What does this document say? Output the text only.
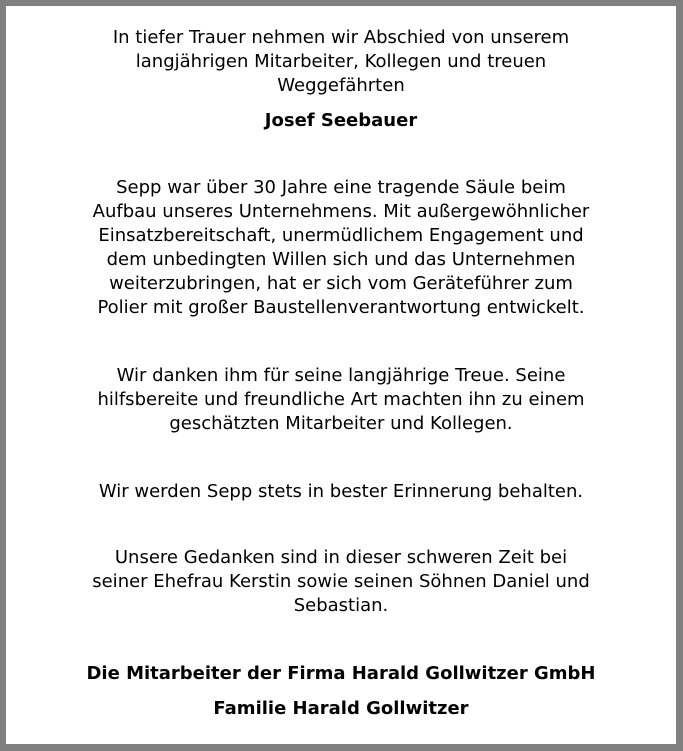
In tiefer Trauer nehmen wir Abschied von unserem
langjährigen Mitarbeiter, Kollegen und treuen
Weggefährten

Josef Seebauer

Sepp war über 30 Jahre eine tragende Säule beim
Aufbau unseres Unternehmens. Mit außergewöhnlicher
Einsatzbereitschaft, unermüdlichem Engagement und
dem unbedingten Willen sich und das Unternehmen
weiterzubringen, hat er sich vom Geräteführer zum
Polier mit großer Baustellenverantwortung entwickelt.

Wir danken ihm für seine langjährige Treue. Seine
hilfsbereite und freundliche Art machten ihn zu einem
geschätzten Mitarbeiter und Kollegen.

Wir werden Sepp stets in bester Erinnerung behalten.

Unsere Gedanken sind in dieser schweren Zeit bei
seiner Ehefrau Kerstin sowie seinen Söhnen Daniel und
Sebastian.

Die Mitarbeiter der Firma Harald Gollwitzer GmbH

Familie Harald Gollwitzer
